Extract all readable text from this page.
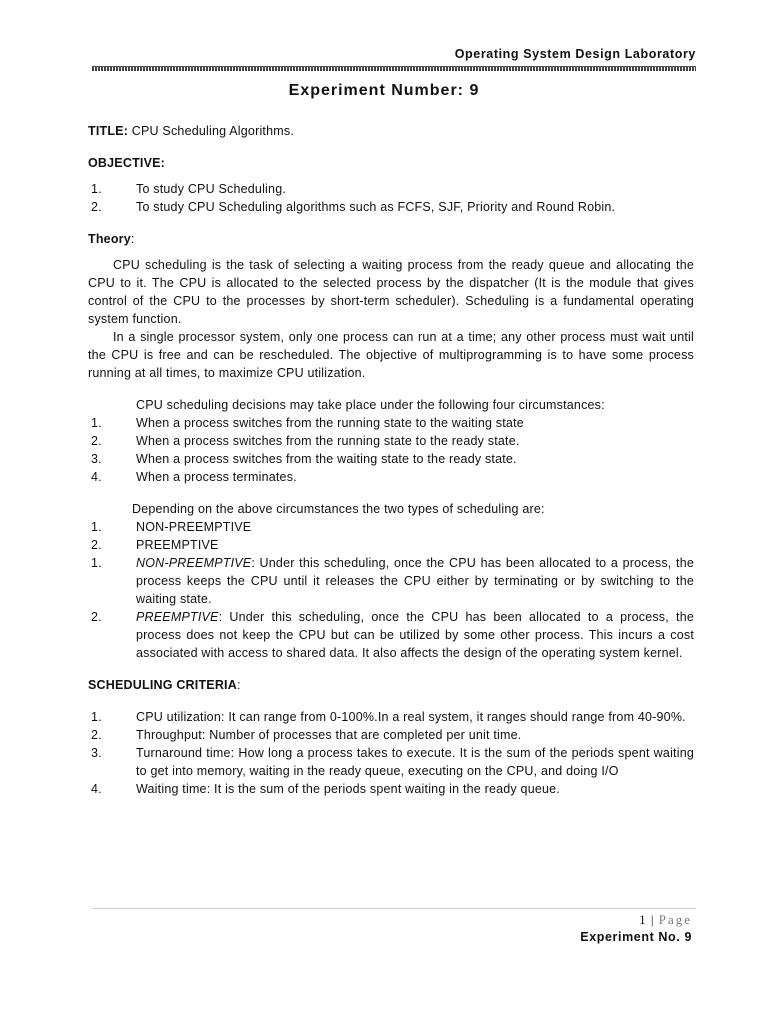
Operating System Design Laboratory
Experiment Number: 9

TITLE: CPU Scheduling Algorithms.

OBJECTIVE:

1.	To study CPU Scheduling.
2.	To study CPU Scheduling algorithms such as FCFS, SJF, Priority and Round Robin.

Theory:

CPU scheduling is the task of selecting a waiting process from the ready queue and allocating the CPU to it. The CPU is allocated to the selected process by the dispatcher (It is the module that gives control of the CPU to the processes by short-term scheduler). Scheduling is a fundamental operating system function.

In a single processor system, only one process can run at a time; any other process must wait until the CPU is free and can be rescheduled. The objective of multiprogramming is to have some process running at all times, to maximize CPU utilization.

CPU scheduling decisions may take place under the following four circumstances:

1.	When a process switches from the running state to the waiting state
2.	When a process switches from the running state to the ready state.
3.	When a process switches from the waiting state to the ready state.
4.	When a process terminates.

Depending on the above circumstances the two types of scheduling are:

1.	NON-PREEMPTIVE
2.	PREEMPTIVE
1.	NON-PREEMPTIVE: Under this scheduling, once the CPU has been allocated to a process, the process keeps the CPU until it releases the CPU either by terminating or by switching to the waiting state.
2.	PREEMPTIVE: Under this scheduling, once the CPU has been allocated to a process, the process does not keep the CPU but can be utilized by some other process. This incurs a cost associated with access to shared data. It also affects the design of the operating system kernel.

SCHEDULING CRITERIA:

1.	CPU utilization: It can range from 0-100%.In a real system, it ranges should range from 40-90%.
2.	Throughput: Number of processes that are completed per unit time.
3.	Turnaround time: How long a process takes to execute. It is the sum of the periods spent waiting to get into memory, waiting in the ready queue, executing on the CPU, and doing I/O
4.	Waiting time: It is the sum of the periods spent waiting in the ready queue.
1 | Page
Experiment No. 9
